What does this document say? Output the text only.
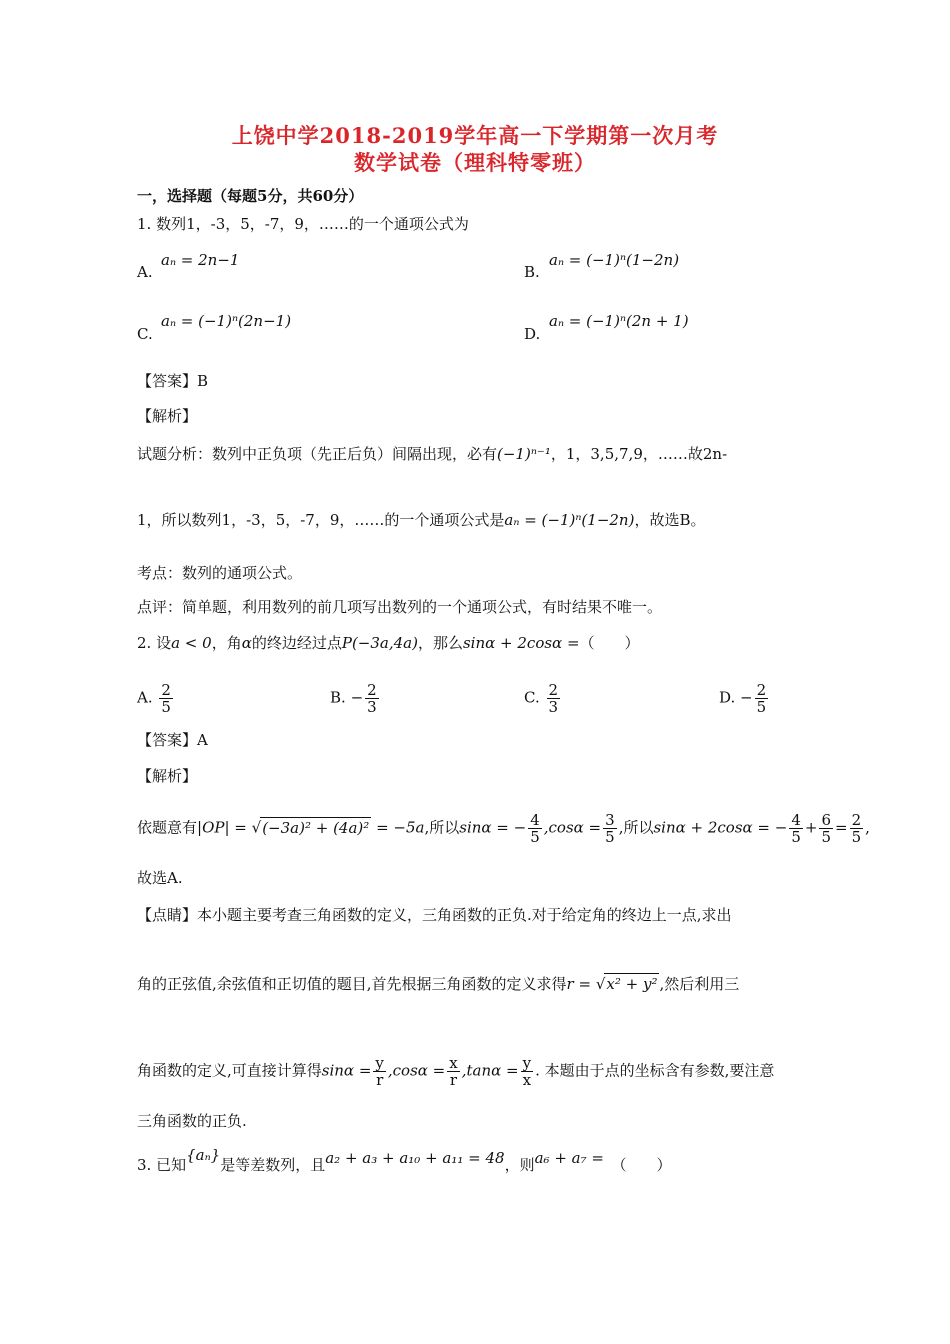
上饶中学2018-2019学年高一下学期第一次月考
数学试卷（理科特零班）
一，选择题（每题5分，共60分）
1. 数列1，-3，5，-7，9，……的一个通项公式为
A.
aₙ = 2n−1
B.
aₙ = (−1)ⁿ(1−2n)
C.
aₙ = (−1)ⁿ(2n−1)
D.
aₙ = (−1)ⁿ(2n + 1)
【答案】B
【解析】
试题分析：数列中正负项（先正后负）间隔出现，必有(−1)ⁿ⁻¹，1，3,5,7,9，……故2n-
1，所以数列1，-3，5，-7，9，……的一个通项公式是aₙ = (−1)ⁿ(1−2n)，故选B。
考点：数列的通项公式。
点评：简单题，利用数列的前几项写出数列的一个通项公式，有时结果不唯一。
2. 设a < 0，角α的终边经过点P(−3a,4a)，那么sinα + 2cosα =（　　）
A. $\frac{2}{5}$	B. − $\frac{2}{3}$	C. $\frac{2}{3}$	D. − $\frac{2}{5}$
【答案】A
【解析】
依题意有|OP| = √(−3a)² + (4a)² = −5a,所以sinα = − $\frac{4}{5} ,\cos\alpha = \frac{3}{5}$ ,所以sinα + 2cosα = − $\frac{4}{5} + \frac{6}{5} = \frac{2}{5}$ ,
故选A.
【点睛】本小题主要考查三角函数的定义，三角函数的正负.对于给定角的终边上一点,求出
角的正弦值,余弦值和正切值的题目,首先根据三角函数的定义求得r = √x² + y² ,然后利用三
角函数的定义,可直接计算得$\sin\alpha = \frac{y}{r} ,\cos\alpha = \frac{x}{r} ,\tan\alpha = \frac{y}{x}$ . 本题由于点的坐标含有参数,要注意
三角函数的正负.
3. 已知{aₙ}是等差数列，且a₂ + a₃ + a₁₀ + a₁₁ = 48，则a₆ + a₇ =　 （　　）
